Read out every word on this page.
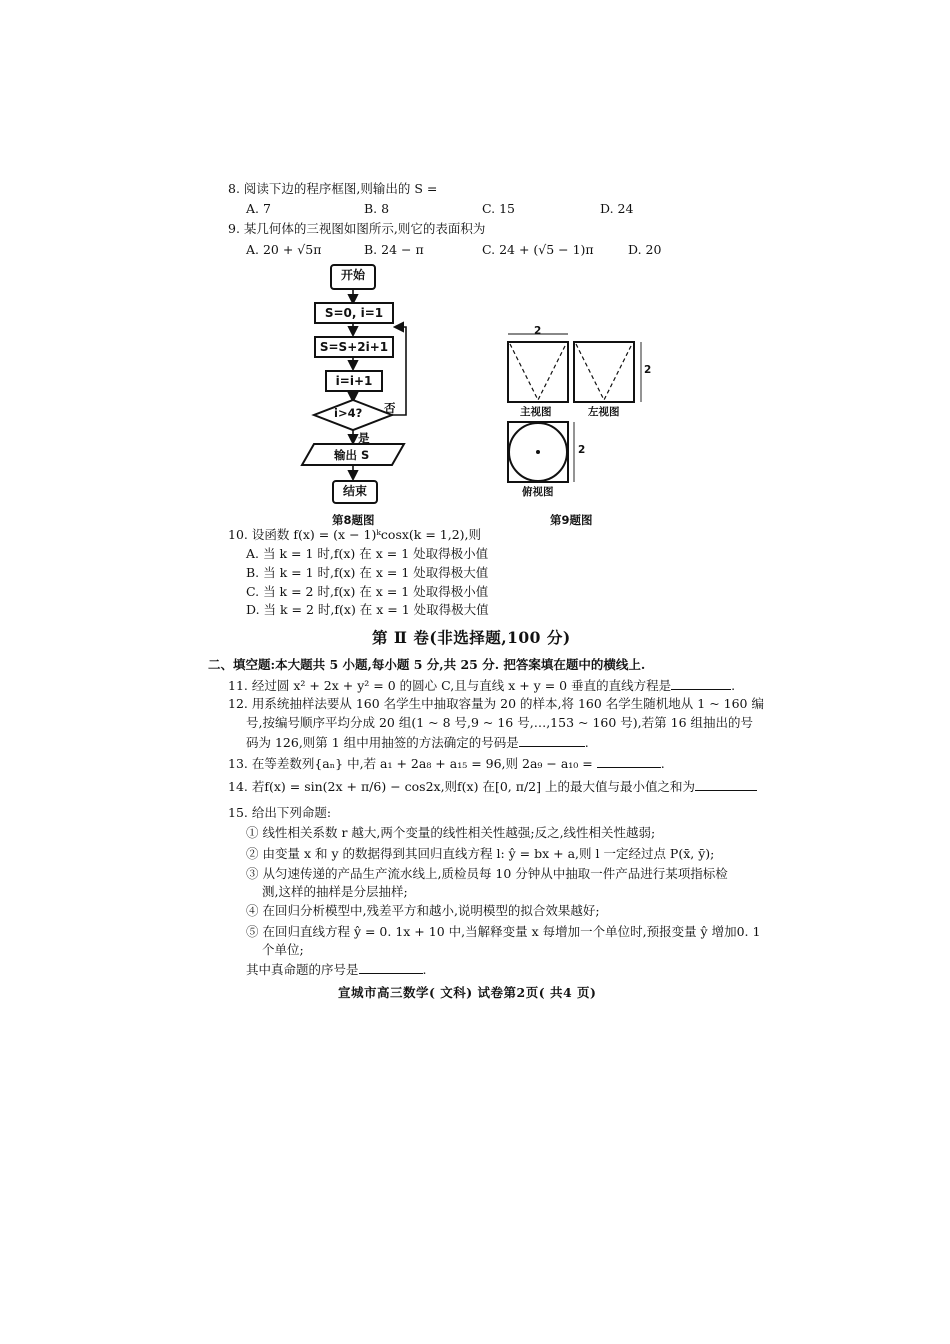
8. 阅读下边的程序框图,则输出的 S =
A. 7	B. 8	C. 15	D. 24
9. 某几何体的三视图如图所示,则它的表面积为
A. 20 + √5π	B. 24 − π	C. 24 + (√5 − 1)π	D. 20
开始
S=0, i=1
S=S+2i+1
i=i+1
i>4? 否
是
输出 S
结束
第8题图
2
2
2
主视图	左视图
俯视图
第9题图
10. 设函数 f(x) = (x − 1)ᵏcosx(k = 1,2),则
A. 当 k = 1 时,f(x) 在 x = 1 处取得极小值
B. 当 k = 1 时,f(x) 在 x = 1 处取得极大值
C. 当 k = 2 时,f(x) 在 x = 1 处取得极小值
D. 当 k = 2 时,f(x) 在 x = 1 处取得极大值
第 Ⅱ 卷(非选择题,100 分)
二、填空题:本大题共 5 小题,每小题 5 分,共 25 分. 把答案填在题中的横线上.
11. 经过圆 x² + 2x + y² = 0 的圆心 C,且与直线 x + y = 0 垂直的直线方程是	.
12. 用系统抽样法要从 160 名学生中抽取容量为 20 的样本,将 160 名学生随机地从 1 ~ 160 编
号,按编号顺序平均分成 20 组(1 ~ 8 号,9 ~ 16 号,…,153 ~ 160 号),若第 16 组抽出的号
码为 126,则第 1 组中用抽签的方法确定的号码是	.
13. 在等差数列{aₙ} 中,若 a₁ + 2a₈ + a₁₅ = 96,则 2a₉ − a₁₀ =	.
14. 若f(x) = sin(2x + π/6) − cos2x,则f(x) 在[0, π/2] 上的最大值与最小值之和为
15. 给出下列命题:
① 线性相关系数 r 越大,两个变量的线性相关性越强;反之,线性相关性越弱;
② 由变量 x 和 y 的数据得到其回归直线方程 l: ŷ = bx + a,则 l 一定经过点 P(x̄, ȳ);
③ 从匀速传递的产品生产流水线上,质检员每 10 分钟从中抽取一件产品进行某项指标检
测,这样的抽样是分层抽样;
④ 在回归分析模型中,残差平方和越小,说明模型的拟合效果越好;
⑤ 在回归直线方程 ŷ = 0. 1x + 10 中,当解释变量 x 每增加一个单位时,预报变量 ŷ 增加0. 1
个单位;
其中真命题的序号是	.
宣城市高三数学( 文科) 试卷第2页( 共4 页)
